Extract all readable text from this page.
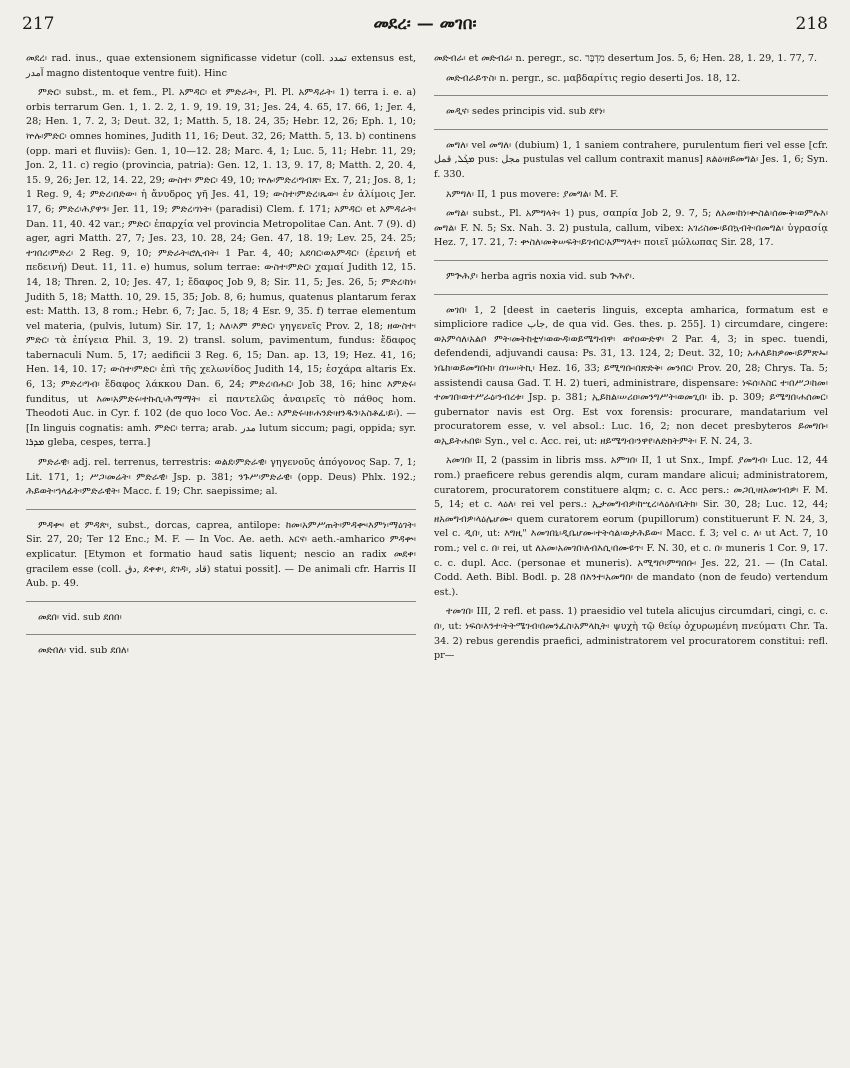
217	መደረ፡ — መገበ፡	218

መደረ፡ rad. inus., quae extensionem significasse videtur (coll. ﺗﻤﺪﺩ extensus est, ﺁﻣﺪﺭ magno distentoque ventre fuit). Hinc

ምድር፡ subst., m. et fem., Pl. አምዳር፡ et ምድራት፡, Pl. Pl. አምዳራት፡ 1) terra i. e. a) orbis terrarum Gen. 1, 1. 2. 2, 1. 9, 19. 19, 31; Jes. 24, 4. 65, 17. 66, 1; Jer. 4, 28; Hen. 1, 7. 2, 3; Deut. 32, 1; Matth. 5, 18. 24, 35; Hebr. 12, 26; Eph. 1, 10; ኵሉ፡ምድር፡ omnes homines, Judith 11, 16; Deut. 32, 26; Matth. 5, 13. b) continens (opp. mari et fluviis): Gen. 1, 10—12. 28; Marc. 4, 1; Luc. 5, 11; Hebr. 11, 29; Jon. 2, 11. c) regio (provincia, patria): Gen. 12, 1. 13, 9. 17, 8; Matth. 2, 20. 4, 15. 9, 26; Jer. 12, 14. 22, 29; ውስተ፡ ምድር፡ 49, 10; ኵሉ፡ምድረ፡ግብጽ፡ Ex. 7, 21; Jos. 8, 1; 1 Reg. 9, 4; ምድረ፡በድው፡ ἡ ἄνυδρος γῆ Jes. 41, 19; ውስተ፡ምድረ፡ጼው፡ ἐν ἁλίμοις Jer. 17, 6; ምድረ፡ሕያዋን፡ Jer. 11, 19; ምድረ፡ገነት፡ (paradisi) Clem. f. 171; አምዳር፡ et አምዳራት፡ Dan. 11, 40. 42 var.; ምድር፡ ἐπαρχία vel provincia Metropolitae Can. Ant. 7 (9). d) ager, agri Matth. 27, 7; Jes. 23, 10. 28, 24; Gen. 47, 18. 19; Lev. 25, 24. 25; ተገበረ፡ምድረ፡ 2 Reg. 9, 10; ምድራት፡ሮሊብት፡ 1 Par. 4, 40; አደባር፡ወአምዳር፡ (ἐρεινή et πεδεινή) Deut. 11, 11. e) humus, solum terrae: ውስተ፡ምድር፡ χαμαί Judith 12, 15. 14, 18; Thren. 2, 10; Jes. 47, 1; ἔδαφος Job 9, 8; Sir. 11, 5; Jes. 26, 5; ምድረ፡ከነ፡ Judith 5, 18; Matth. 10, 29. 15, 35; Job. 8, 6; humus, quatenus plantarum ferax est: Matth. 13, 8 rom.; Hebr. 6, 7; Jac. 5, 18; 4 Esr. 9, 35. f) terrae elementum vel materia, (pulvis, lutum) Sir. 17, 1; እለ፡እም ምድር፡ γηγενεῖς Prov. 2, 18; ዘውስተ፡ምድር፡ τὰ ἐπίγεια Phil. 3, 19. 2) transl. solum, pavimentum, fundus: ἔδαφος tabernaculi Num. 5, 17; aedificii 3 Reg. 6, 15; Dan. ap. 13, 19; Hez. 41, 16; Hen. 14, 10. 17; ውስተ፡ምድር፡ ἐπὶ τῆς χελωνίδος Judith 14, 15; ἐσχάρα altaris Ex. 6, 13; ምድረ፡ግብ፡ ἔδαφος λάκκου Dan. 6, 24; ምድረ፡በሐር፡ Job 38, 16; hinc እምድሩ፡ funditus, ut እመ፡አምድሩ፡ተኩሲ፡ሕማማት፡ εἰ παντελῶς ἀναιρεῖς τὸ πάθος hom. Theodoti Auc. in Cyr. f. 102 (de quo loco Voc. Ae.: እምድሩ፡ዘ፡ሐንድ፡ዘንዱን፡አስቶፈ፡ይ፡). — [In linguis cognatis: amh. ምድር፡ terra; arab. ﻣﺪﺭ lutum siccum; pagi, oppida; syr. ܡܕܪܐ gleba, cespes, terra.]

ምድራዊ፡ adj. rel. terrenus, terrestris: ወልደ፡ምድራዊ፡ γηγενοῦς ἀπόγονος Sap. 7, 1; Lit. 171, 1; ሥጋ፡መሬት፡ ምድራዊ፡ Jsp. p. 381; ንጉሥ፡ምድራዊ፡ (opp. Deus) Phlx. 192.; ሕይወት፡ኀላፊት፡ምድራዊት፡ Macc. f. 19; Chr. saepissime; al.

ምዳቍ፡ et ምዳጵ፡, subst., dorcas, caprea, antilope: ከመ፡አምሥጠት፡ምዳቍ፡እምነ፡ማዕገት፡ Sir. 27, 20; Ter 12 Enc.; M. F. — In Voc. Ae. aeth. አርና፡ aeth.-amharico ምዳቍ፡ explicatur. [Etymon et formatio haud satis liquent; nescio an radix መደቀ፡ gracilem esse (coll. ﺩﻕ, ደቀቀ፡, ደገዳ፡, ﻗﺎﺩ) statui possit]. — De animali cfr. Harris II Aub. p. 49.

መደበ፡ vid. sub ደበበ፡

መድበለ፡ vid. sub ደበለ፡

መድብራ፡ et መድብሬ፡ n. peregr., sc. מִדְבָּר desertum Jos. 5, 6; Hen. 28, 1. 29, 1. 77, 7.

መድብራይጥስ፡ n. pergr., sc. μαβδαρίτις regio deserti Jos. 18, 12.

መዲና፡ sedes principis vid. sub ደየነ፡

መግለ፡ vel መግለ፡ (dubium) 1, 1 saniem contrahere, purulentum fieri vel esse [cfr. ܡܓܰܠ, ﻗﻤﻞ pus: ﻣﺠﻞ pustulas vel callum contraxit manus] ጸልዕ፡ዘይመግል፡ Jes. 1, 6; Syn. f. 330.

አምግለ፡ II, 1 pus movere: ያመግል፡ M. F.

መግል፡ subst., Pl. አምግላት፡ 1) pus, σαπρία Job 2, 9. 7, 5; ለአመ፡ከነ፡ቍስል፡ሰሙቅ፡ወምሉእ፡መግል፡ F. N. 5; Sx. Nah. 3. 2) pustula, callum, vibex: አገሪስሙ፡ይበኳብት፡በመግል፡ ὑγρασίᾳ Hez. 7, 17. 21, 7: ቍስለ፡መቅሠፍት፡ይገብር፡አምግላተ፡ ποιεῖ μώλωπας Sir. 28, 17.

ምጕሕያ፡ herba agris noxia vid. sub ጕሕየ፡.

መገበ፡ 1, 2 [deest in caeteris linguis, excepta amharica, formatum est e simpliciore radice ﺟﺎﺏ, de qua vid. Ges. thes. p. 255]. 1) circumdare, cingere: ወአምሳለ፡አልቦ ምት፡መትከቲሃ፡ወውዳ፡ወይሜግብዋ፡ ወየዐውድዋ፡ 2 Par. 4, 3; in spec. tuendi, defendendi, adjuvandi causa: Ps. 31, 13. 124, 2; Deut. 32, 10; አሐለይክዎሙ፡ይምጽኡ፡ነቤከ፡ወይመግቡከ፡ በገሠ፡ትኪ፡ Hez. 16, 33; ይሚግቡ፡በጽድቅ፡ መንበር፡ Prov. 20, 28; Chrys. Ta. 5; assistendi causa Gad. T. H. 2) tueri, administrare, dispensare: ነፍሰ፡እስር ተ፡በሥጋ፡ከመ፡ተመገበ፡ወተሥራዕ፡ንብረቱ፡ Jsp. p. 381; ኢይክል፡ሠሪዐ፡መንግሥት፡ወመጊበ፡ ib. p. 309; ይሜግበ፡ሐሰመር፡ gubernator navis est Org. Est vox forensis: procurare, mandatarium vel procuratorem esse, v. vel absol.: Luc. 16, 2; non decet presbyteros ይመግቡ፡ወኢይትሐበዩ፡ Syn., vel c. Acc. rei, ut: ዘይሜግብ፡ንዋየ፡ለድክትምት፡ F. N. 24, 3.

አመገበ፡ II, 2 (passim in libris mss. አምገበ፡ II, 1 ut Snx., Impf. ያመግብ፡ Luc. 12, 44 rom.) praeficere rebus gerendis alqm, curam mandare alicui; administratorem, curatorem, procuratorem constituere alqm; c. c. Acc pers.: መጋቢ፡ዘአመገብዎ፡ F. M. 5, 14; et c. ላዕለ፡ rei vel pers.: ኢታመግብዎ፡ከሢረ፡ላዕለ፡ቤትክ፡ Sir. 30, 28; Luc. 12, 44; ዘአመግብዎ፡ላዕሌሆሙ፡ quem curatorem eorum (pupillorum) constituerunt F. N. 24, 3, vel c. ዲበ፡, ut: እግዚ" እመገበኒ፡ዲቤሆሙ፡ተትሳል፡ወታሕይው፡ Macc. f. 3; vel c. ለ፡ ut Act. 7, 10 rom.; vel c. በ፡ rei, ut ለአመ፡አመገበ፡ለብእሲ፡በሙዩጥ፡ F. N. 30, et c. በ፡ muneris 1 Cor. 9, 17. c. c. dupl. Acc. (personae et muneris). አሚግቦ፡ምግበቡ፡ Jes. 22, 21. — (In Catal. Codd. Aeth. Bibl. Bodl. p. 28 በእንተ፡አመግበ፡ de mandato (non de feudo) vertendum est.).

ተመገበ፡ III, 2 refl. et pass. 1) praesidio vel tutela alicujus circumdari, cingi, c. c. በ፡, ut: ነፍሰ፡እንተ፡ትትሜገብ፡በመንፈስ፡አምላኪት፡ ψυχὴ τῷ θείῳ ὀχυρωμένη πνεύματι Chr. Ta. 34. 2) rebus gerendis praefici, administratorem vel procuratorem constitui: refl. pr—
